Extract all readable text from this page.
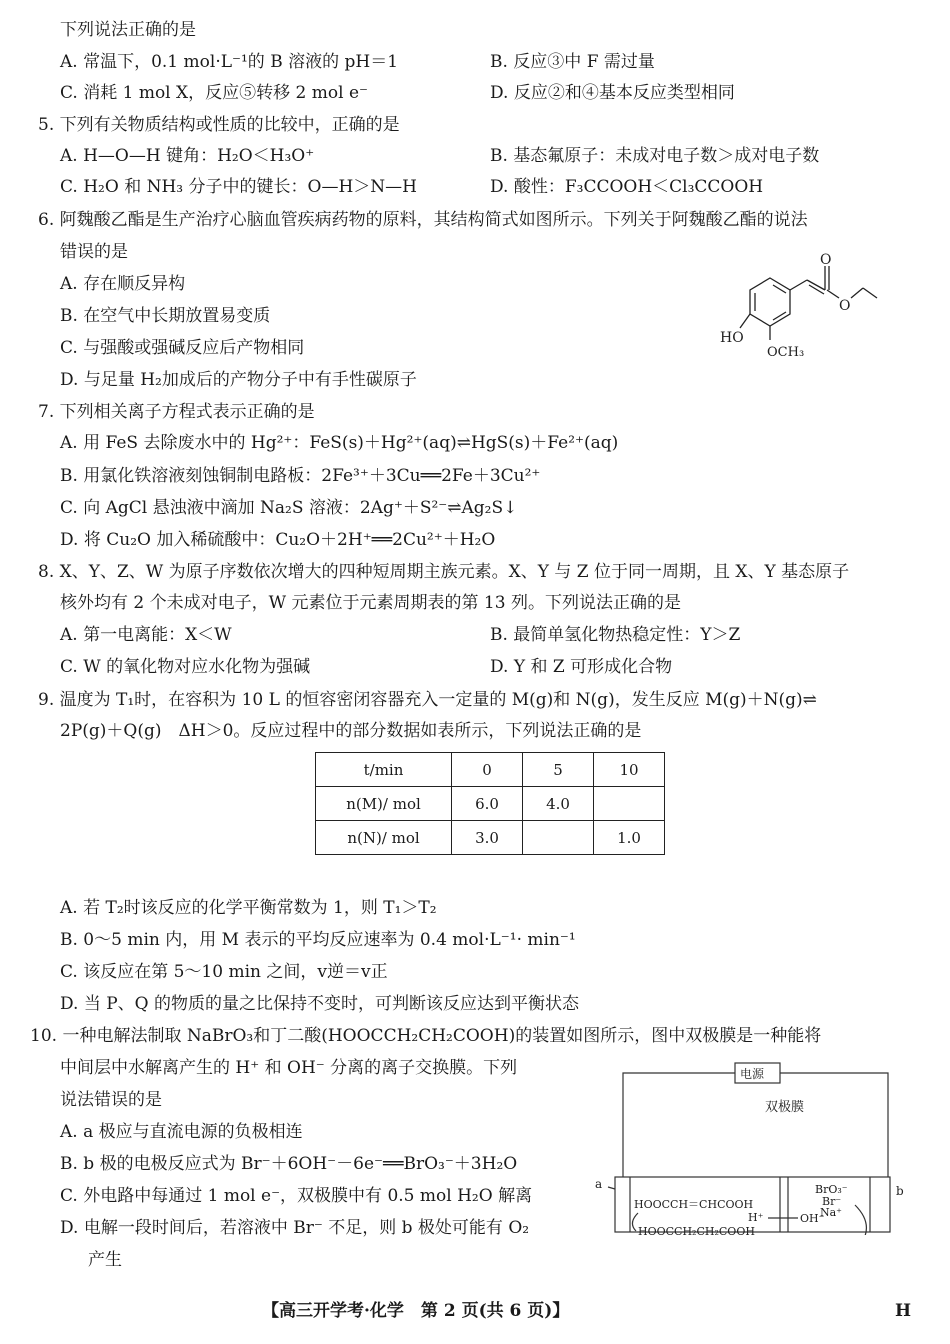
下列说法正确的是
A. 常温下，0.1 mol·L⁻¹的 B 溶液的 pH＝1	B. 反应③中 F 需过量
C. 消耗 1 mol X，反应⑤转移 2 mol e⁻	D. 反应②和④基本反应类型相同
5. 下列有关物质结构或性质的比较中，正确的是
A. H—O—H 键角：H₂O＜H₃O⁺	B. 基态氟原子：未成对电子数＞成对电子数
C. H₂O 和 NH₃ 分子中的键长：O—H＞N—H	D. 酸性：F₃CCOOH＜Cl₃CCOOH
6. 阿魏酸乙酯是生产治疗心脑血管疾病药物的原料，其结构简式如图所示。下列关于阿魏酸乙酯的说法
错误的是
A. 存在顺反异构
B. 在空气中长期放置易变质
C. 与强酸或强碱反应后产物相同
D. 与足量 H₂加成后的产物分子中有手性碳原子
O
O
HO
OCH₃
7. 下列相关离子方程式表示正确的是
A. 用 FeS 去除废水中的 Hg²⁺：FeS(s)＋Hg²⁺(aq)⇌HgS(s)＋Fe²⁺(aq)
B. 用氯化铁溶液刻蚀铜制电路板：2Fe³⁺＋3Cu══2Fe＋3Cu²⁺
C. 向 AgCl 悬浊液中滴加 Na₂S 溶液：2Ag⁺＋S²⁻⇌Ag₂S↓
D. 将 Cu₂O 加入稀硫酸中：Cu₂O＋2H⁺══2Cu²⁺＋H₂O
8. X、Y、Z、W 为原子序数依次增大的四种短周期主族元素。X、Y 与 Z 位于同一周期，且 X、Y 基态原子
核外均有 2 个未成对电子，W 元素位于元素周期表的第 13 列。下列说法正确的是
A. 第一电离能：X＜W	B. 最简单氢化物热稳定性：Y＞Z
C. W 的氧化物对应水化物为强碱	D. Y 和 Z 可形成化合物
9. 温度为 T₁时，在容积为 10 L 的恒容密闭容器充入一定量的 M(g)和 N(g)，发生反应 M(g)＋N(g)⇌
2P(g)＋Q(g)　ΔH＞0。反应过程中的部分数据如表所示，下列说法正确的是
t/min	0	5	10
n(M)/ mol	6.0	4.0	
n(N)/ mol	3.0		1.0
A. 若 T₂时该反应的化学平衡常数为 1，则 T₁＞T₂
B. 0～5 min 内，用 M 表示的平均反应速率为 0.4 mol·L⁻¹· min⁻¹
C. 该反应在第 5～10 min 之间，v逆＝v正
D. 当 P、Q 的物质的量之比保持不变时，可判断该反应达到平衡状态
10. 一种电解法制取 NaBrO₃和丁二酸(HOOCCH₂CH₂COOH)的装置如图所示，图中双极膜是一种能将
中间层中水解离产生的 H⁺ 和 OH⁻ 分离的离子交换膜。下列
说法错误的是
A. a 极应与直流电源的负极相连
B. b 极的电极反应式为 Br⁻＋6OH⁻－6e⁻══BrO₃⁻＋3H₂O
C. 外电路中每通过 1 mol e⁻，双极膜中有 0.5 mol H₂O 解离
D. 电解一段时间后，若溶液中 Br⁻ 不足，则 b 极处可能有 O₂
产生
电源
双极膜
a	b
HOOCCH＝CHCOOH
H⁺	OH⁻
Br⁻
HOOCCH₂CH₂COOH
BrO₃⁻
Na⁺
【高三开学考·化学　第 2 页(共 6 页)】	H
